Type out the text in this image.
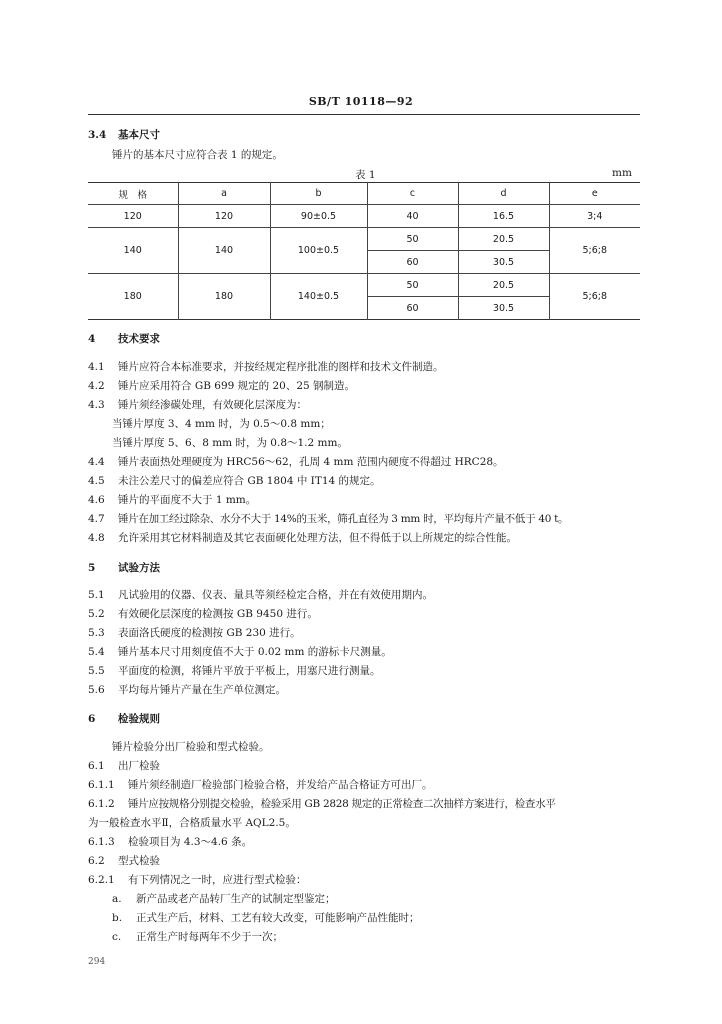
SB/T 10118—92
3.4 基本尺寸
锤片的基本尺寸应符合表 1 的规定。
表 1	mm
规　格	a	b	c	d	e
120	120	90±0.5	40	16.5	3;4
140	140	100±0.5	50	20.5	5;6;8
			60	30.5	
180	180	140±0.5	50	20.5	5;6;8
			60	30.5	
4 技术要求
4.1 锤片应符合本标准要求，并按经规定程序批准的图样和技术文件制造。
4.2 锤片应采用符合 GB 699 规定的 20、25 钢制造。
4.3 锤片须经渗碳处理，有效硬化层深度为：
当锤片厚度 3、4 mm 时，为 0.5～0.8 mm；
当锤片厚度 5、6、8 mm 时，为 0.8～1.2 mm。
4.4 锤片表面热处理硬度为 HRC56～62，孔周 4 mm 范围内硬度不得超过 HRC28。
4.5 未注公差尺寸的偏差应符合 GB 1804 中 IT14 的规定。
4.6 锤片的平面度不大于 1 mm。
4.7 锤片在加工经过除杂、水分不大于 14%的玉米，筛孔直径为 3 mm 时，平均每片产量不低于 40 t。
4.8 允许采用其它材料制造及其它表面硬化处理方法，但不得低于以上所规定的综合性能。
5 试验方法
5.1 凡试验用的仪器、仪表、量具等须经检定合格，并在有效使用期内。
5.2 有效硬化层深度的检测按 GB 9450 进行。
5.3 表面洛氏硬度的检测按 GB 230 进行。
5.4 锤片基本尺寸用刻度值不大于 0.02 mm 的游标卡尺测量。
5.5 平面度的检测，将锤片平放于平板上，用塞尺进行测量。
5.6 平均每片锤片产量在生产单位测定。
6 检验规则
锤片检验分出厂检验和型式检验。
6.1 出厂检验
6.1.1 锤片须经制造厂检验部门检验合格，并发给产品合格证方可出厂。
6.1.2 锤片应按规格分别提交检验，检验采用 GB 2828 规定的正常检查二次抽样方案进行，检查水平
为一般检查水平Ⅱ，合格质量水平 AQL2.5。
6.1.3 检验项目为 4.3～4.6 条。
6.2 型式检验
6.2.1 有下列情况之一时，应进行型式检验：
a. 新产品或老产品转厂生产的试制定型鉴定；
b. 正式生产后，材料、工艺有较大改变，可能影响产品性能时；
c. 正常生产时每两年不少于一次；
294
